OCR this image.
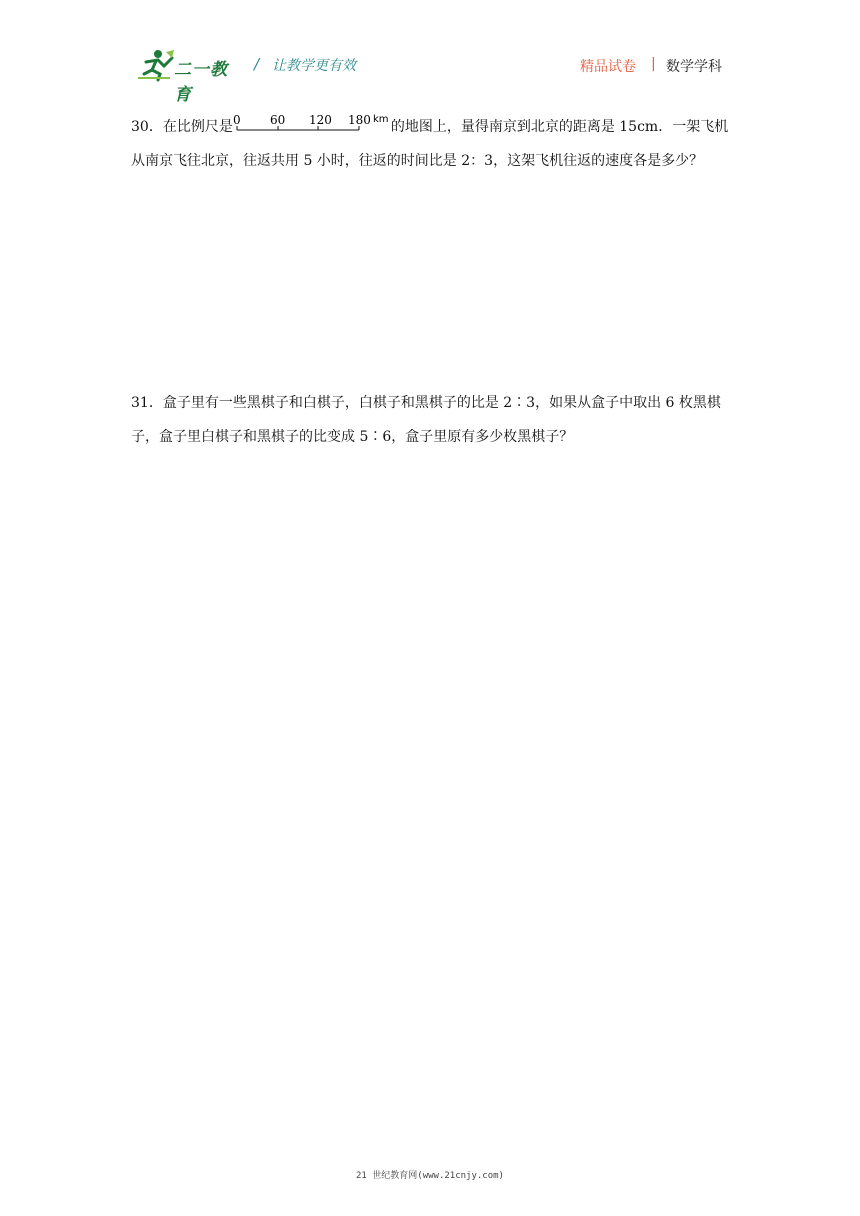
二一教育
/ 让教学更有效	精品试卷 | 数学学科
30．在比例尺是 0 60 120 180 km 的地图上，量得南京到北京的距离是 15cm．一架飞机从南京飞往北京，往返共用 5 小时，往返的时间比是 2：3，这架飞机往返的速度各是多少？
31．盒子里有一些黑棋子和白棋子，白棋子和黑棋子的比是 2∶3，如果从盒子中取出 6 枚黑棋子，盒子里白棋子和黑棋子的比变成 5∶6，盒子里原有多少枚黑棋子？
21 世纪教育网(www.21cnjy.com)
